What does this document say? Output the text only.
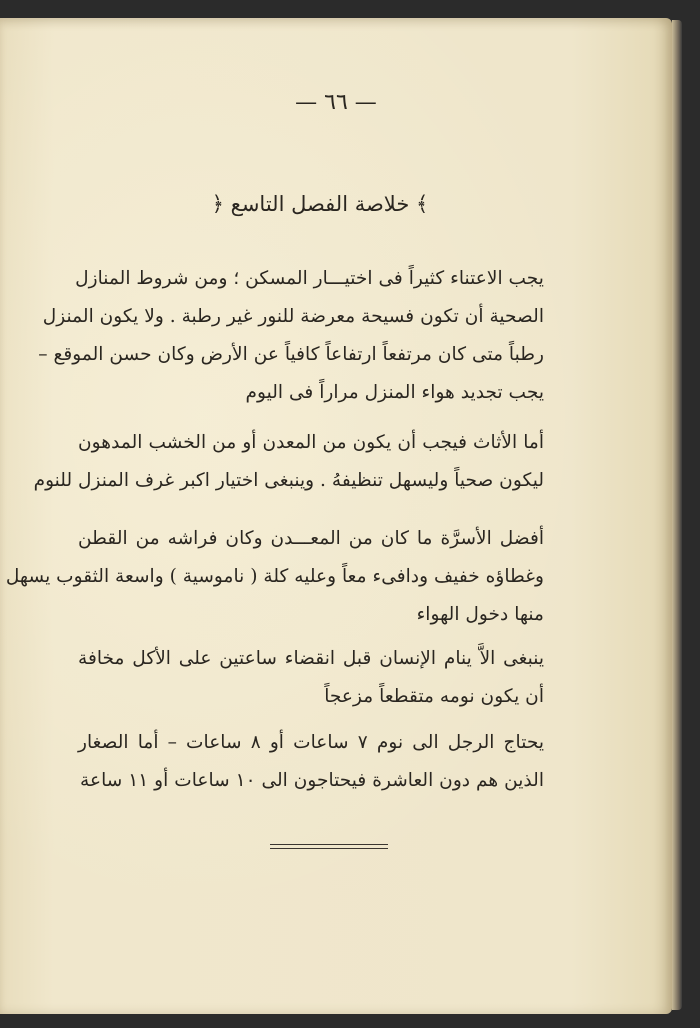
— ٦٦ —
﴿ خلاصة الفصل التاسع ﴾
يجب الاعتناء كثيراً فى اختيـــار المسكن ؛ ومن شروط المنازل
الصحية أن تكون فسيحة معرضة للنور غير رطبة . ولا يكون المنزل
رطباً متى كان مرتفعاً ارتفاعاً كافياً عن الأرض وكان حسن الموقع –
يجب تجديد هواء المنزل مراراً فى اليوم
أما الأثاث فيجب أن يكون من المعدن أو من الخشب المدهون
ليكون صحياً وليسهل تنظيفهُ . وينبغى اختيار اكبر غرف المنزل للنوم
أفضل الأسرَّة ما كان من المعـــدن وكان فراشه من القطن
وغطاؤه خفيف ودافىء معاً وعليه كلة ( ناموسية ) واسعة الثقوب يسهل
منها دخول الهواء
ينبغى الاَّ ينام الإنسان قبل انقضاء ساعتين على الأكل مخافة
أن يكون نومه متقطعاً مزعجاً
يحتاج الرجل الى نوم ٧ ساعات أو ٨ ساعات – أما الصغار
الذين هم دون العاشرة فيحتاجون الى ١٠ ساعات أو ١١ ساعة
